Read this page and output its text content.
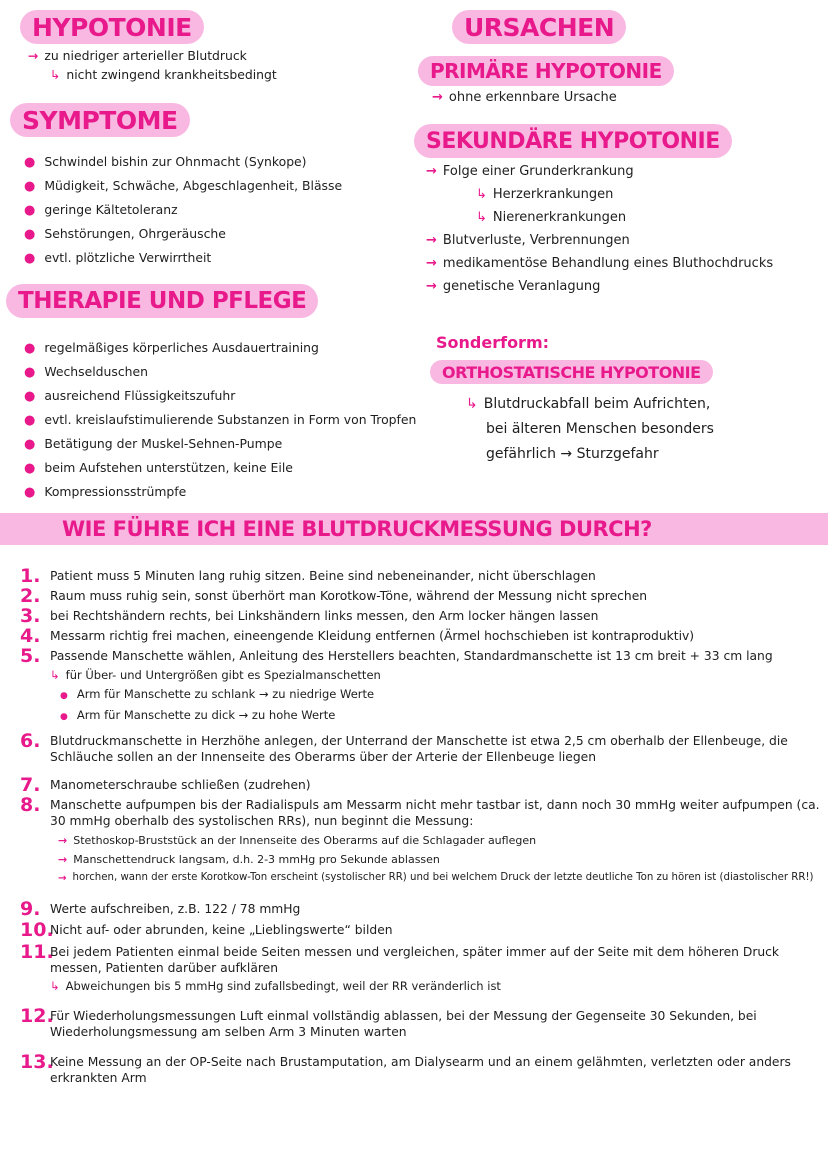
HYPOTONIE
→ zu niedriger arterieller Blutdruck
↳ nicht zwingend krankheitsbedingt
SYMPTOME
● Schwindel bishin zur Ohnmacht (Synkope)
● Müdigkeit, Schwäche, Abgeschlagenheit, Blässe
● geringe Kältetoleranz
● Sehstörungen, Ohrgeräusche
● evtl. plötzliche Verwirrtheit
THERAPIE UND PFLEGE
● regelmäßiges körperliches Ausdauertraining
● Wechselduschen
● ausreichend Flüssigkeitszufuhr
● evtl. kreislaufstimulierende Substanzen in Form von Tropfen
● Betätigung der Muskel-Sehnen-Pumpe
● beim Aufstehen unterstützen, keine Eile
● Kompressionsstrümpfe
URSACHEN
PRIMÄRE HYPOTONIE
→ ohne erkennbare Ursache
SEKUNDÄRE HYPOTONIE
→ Folge einer Grunderkrankung
↳ Herzerkrankungen
↳ Nierenerkrankungen
→ Blutverluste, Verbrennungen
→ medikamentöse Behandlung eines Bluthochdrucks
→ genetische Veranlagung
Sonderform:
ORTHOSTATISCHE HYPOTONIE
↳ Blutdruckabfall beim Aufrichten,
bei älteren Menschen besonders
gefährlich → Sturzgefahr
WIE FÜHRE ICH EINE BLUTDRUCKMESSUNG DURCH?
1. Patient muss 5 Minuten lang ruhig sitzen. Beine sind nebeneinander, nicht überschlagen
2. Raum muss ruhig sein, sonst überhört man Korotkow-Töne, während der Messung nicht sprechen
3. bei Rechtshändern rechts, bei Linkshändern links messen, den Arm locker hängen lassen
4. Messarm richtig frei machen, eineengende Kleidung entfernen (Ärmel hochschieben ist kontraproduktiv)
5. Passende Manschette wählen, Anleitung des Herstellers beachten, Standardmanschette ist 13 cm breit + 33 cm lang
↳ für Über- und Untergrößen gibt es Spezialmanschetten
● Arm für Manschette zu schlank → zu niedrige Werte
● Arm für Manschette zu dick → zu hohe Werte
6. Blutdruckmanschette in Herzhöhe anlegen, der Unterrand der Manschette ist etwa 2,5 cm oberhalb der Ellenbeuge, die Schläuche sollen an der Innenseite des Oberarms über der Arterie der Ellenbeuge liegen
7. Manometerschraube schließen (zudrehen)
8. Manschette aufpumpen bis der Radialispuls am Messarm nicht mehr tastbar ist, dann noch 30 mmHg weiter aufpumpen (ca. 30 mmHg oberhalb des systolischen RRs), nun beginnt die Messung:
→ Stethoskop-Bruststück an der Innenseite des Oberarms auf die Schlagader auflegen
→ Manschettendruck langsam, d.h. 2-3 mmHg pro Sekunde ablassen
→ horchen, wann der erste Korotkow-Ton erscheint (systolischer RR) und bei welchem Druck der letzte deutliche Ton zu hören ist (diastolischer RR!)
9. Werte aufschreiben, z.B. 122 / 78 mmHg
10.
Nicht auf- oder abrunden, keine „Lieblingswerte“ bilden
11.
Bei jedem Patienten einmal beide Seiten messen und vergleichen, später immer auf der Seite mit dem höheren Druck messen, Patienten darüber aufklären
↳ Abweichungen bis 5 mmHg sind zufallsbedingt, weil der RR veränderlich ist
12.
Für Wiederholungsmessungen Luft einmal vollständig ablassen, bei der Messung der Gegenseite 30 Sekunden, bei Wiederholungsmessung am selben Arm 3 Minuten warten
13.
Keine Messung an der OP-Seite nach Brustamputation, am Dialysearm und an einem gelähmten, verletzten oder anders erkrankten Arm
